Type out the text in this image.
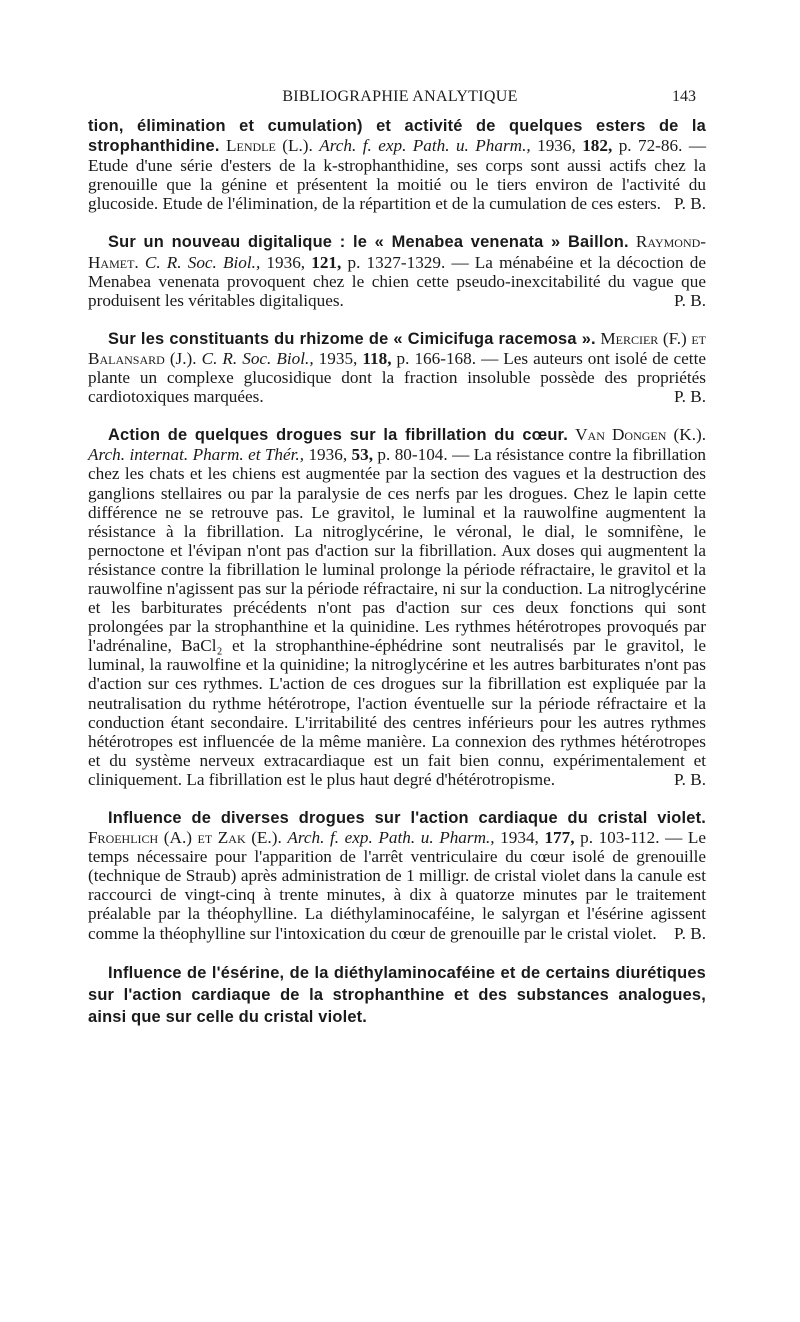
BIBLIOGRAPHIE ANALYTIQUE	143

tion, élimination et cumulation) et activité de quelques esters de la strophanthidine. Lendle (L.). Arch. f. exp. Path. u. Pharm., 1936, 182, p. 72-86. — Etude d'une série d'esters de la k-strophanthidine, ses corps sont aussi actifs chez la grenouille que la génine et présentent la moitié ou le tiers environ de l'activité du glucoside. Etude de l'élimination, de la répartition et de la cumulation de ces esters. P. B.

Sur un nouveau digitalique : le « Menabea venenata » Baillon. Raymond-Hamet. C. R. Soc. Biol., 1936, 121, p. 1327-1329. — La ménabéine et la décoction de Menabea venenata provoquent chez le chien cette pseudo-inexcitabilité du vague que produisent les véritables digitaliques.	P. B.

Sur les constituants du rhizome de « Cimicifuga racemosa ». Mercier (F.) et Balansard (J.). C. R. Soc. Biol., 1935, 118, p. 166-168. — Les auteurs ont isolé de cette plante un complexe glucosidique dont la fraction insoluble possède des propriétés cardiotoxiques marquées.	P. B.

Action de quelques drogues sur la fibrillation du cœur. Van Dongen (K.). Arch. internat. Pharm. et Thér., 1936, 53, p. 80-104. — La résistance contre la fibrillation chez les chats et les chiens est augmentée par la section des vagues et la destruction des ganglions stellaires ou par la paralysie de ces nerfs par les drogues. Chez le lapin cette différence ne se retrouve pas. Le gravitol, le luminal et la rauwolfine augmentent la résistance à la fibrillation. La nitroglycérine, le véronal, le dial, le somnifène, le pernoctone et l'évipan n'ont pas d'action sur la fibrillation. Aux doses qui augmentent la résistance contre la fibrillation le luminal prolonge la période réfractaire, le gravitol et la rauwolfine n'agissent pas sur la période réfractaire, ni sur la conduction. La nitroglycérine et les barbiturates précédents n'ont pas d'action sur ces deux fonctions qui sont prolongées par la strophanthine et la quinidine. Les rythmes hétérotropes provoqués par l'adrénaline, BaCl₂ et la strophanthine-éphédrine sont neutralisés par le gravitol, le luminal, la rauwolfine et la quinidine; la nitroglycérine et les autres barbiturates n'ont pas d'action sur ces rythmes. L'action de ces drogues sur la fibrillation est expliquée par la neutralisation du rythme hétérotrope, l'action éventuelle sur la période réfractaire et la conduction étant secondaire. L'irritabilité des centres inférieurs pour les autres rythmes hétérotropes est influencée de la même manière. La connexion des rythmes hétérotropes et du système nerveux extracardiaque est un fait bien connu, expérimentalement et cliniquement. La fibrillation est le plus haut degré d'hétérotropisme.	P. B.

Influence de diverses drogues sur l'action cardiaque du cristal violet. Froehlich (A.) et Zak (E.). Arch. f. exp. Path. u. Pharm., 1934, 177, p. 103-112. — Le temps nécessaire pour l'apparition de l'arrêt ventriculaire du cœur isolé de grenouille (technique de Straub) après administration de 1 milligr. de cristal violet dans la canule est raccourci de vingt-cinq à trente minutes, à dix à quatorze minutes par le traitement préalable par la théophylline. La diéthylaminocaféine, le salyrgan et l'ésérine agissent comme la théophylline sur l'intoxication du cœur de grenouille par le cristal violet. P. B.

Influence de l'ésérine, de la diéthylaminocaféine et de certains diurétiques sur l'action cardiaque de la strophanthine et des substances analogues, ainsi que sur celle du cristal violet.
